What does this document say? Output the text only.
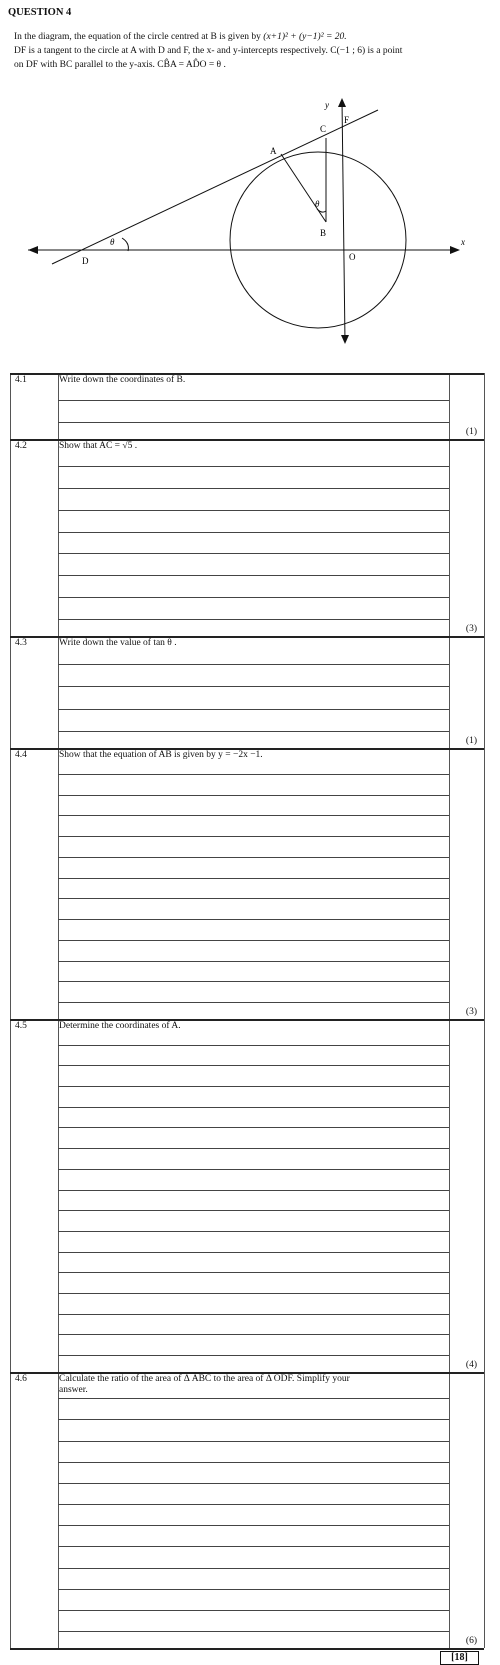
QUESTION 4
In the diagram, the equation of the circle centred at B is given by (x+1)² + (y−1)² = 20.
DF is a tangent to the circle at A with D and F, the x- and y-intercepts respectively. C(−1 ; 6) is a point
on DF with BC parallel to the y-axis. CB̂A = AD̂O = θ .
y
x
A
B
C
D
F
O
θ
θ
4.1	Write down the coordinates of B.
(1)
4.2	Show that AC = √5 .
(3)
4.3	Write down the value of tan θ .
(1)
4.4	Show that the equation of AB is given by y = −2x −1.
(3)
4.5	Determine the coordinates of A.
(4)
4.6	Calculate the ratio of the area of Δ ABC to the area of Δ ODF. Simplify your
answer.
(6)
[18]
